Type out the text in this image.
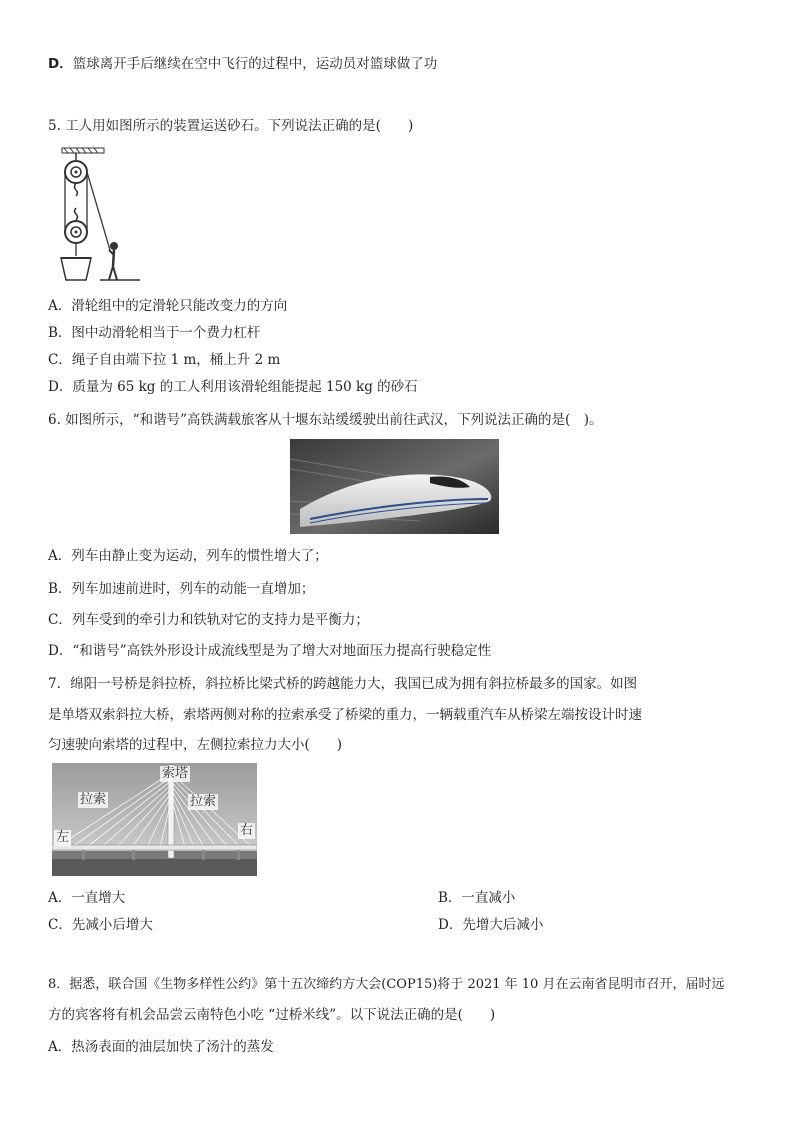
D．篮球离开手后继续在空中飞行的过程中，运动员对篮球做了功
5. 工人用如图所示的装置运送砂石。下列说法正确的是(　　)
A．滑轮组中的定滑轮只能改变力的方向
B．图中动滑轮相当于一个费力杠杆
C．绳子自由端下拉 1 m，桶上升 2 m
D．质量为 65 kg 的工人利用该滑轮组能提起 150 kg 的砂石
6. 如图所示，“和谐号”高铁满载旅客从十堰东站缓缓驶出前往武汉，下列说法正确的是(　)。
A．列车由静止变为运动，列车的惯性增大了；
B．列车加速前进时，列车的动能一直增加；
C．列车受到的牵引力和铁轨对它的支持力是平衡力；
D．“和谐号”高铁外形设计成流线型是为了增大对地面压力提高行驶稳定性
7．绵阳一号桥是斜拉桥，斜拉桥比梁式桥的跨越能力大，我国已成为拥有斜拉桥最多的国家。如图
是单塔双索斜拉大桥，索塔两侧对称的拉索承受了桥梁的重力，一辆载重汽车从桥梁左端按设计时速
匀速驶向索塔的过程中，左侧拉索拉力大小(　　)
索塔
拉索	拉索
左	右
A．一直增大	B．一直减小
C．先减小后增大	D．先增大后减小
8．据悉，联合国《生物多样性公约》第十五次缔约方大会(COP15)将于 2021 年 10 月在云南省昆明市召开，届时远
方的宾客将有机会品尝云南特色小吃 “过桥米线”。以下说法正确的是(　　)
A．热汤表面的油层加快了汤汁的蒸发
